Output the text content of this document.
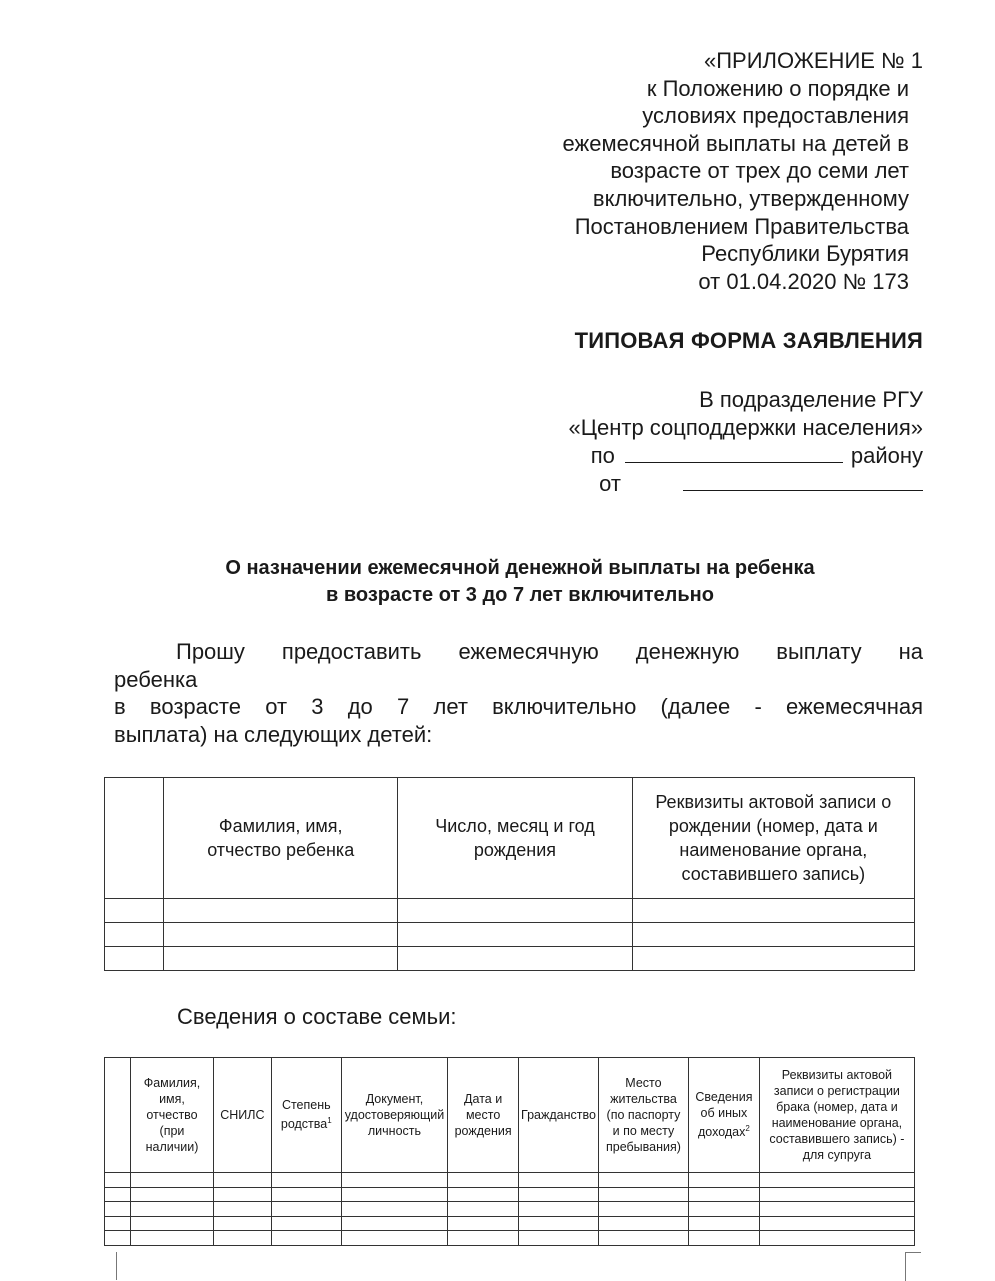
«ПРИЛОЖЕНИЕ № 1
к Положению о порядке и
условиях предоставления
ежемесячной выплаты на детей в
возрасте от трех до семи лет
включительно, утвержденному
Постановлением Правительства
Республики Бурятия
от 01.04.2020 № 173
ТИПОВАЯ ФОРМА ЗАЯВЛЕНИЯ
В подразделение РГУ
«Центр соцподдержки населения»
по	району
от
О назначении ежемесячной денежной выплаты на ребенка
в возрасте от 3 до 7 лет включительно
Прошу предоставить ежемесячную денежную выплату на
ребенка
в возрасте от 3 до 7 лет включительно (далее - ежемесячная
выплата) на следующих детей:

	Фамилия, имя, отчество ребенка	Число, месяц и год рождения	Реквизиты актовой записи о рождении (номер, дата и наименование органа, составившего запись)

Сведения о составе семьи:

	Фамилия, имя, отчество (при наличии)	СНИЛС	Степень родства$^1$	Документ, удостоверяющий личность	Дата и место рождения	Гражданство	Место жительства (по паспорту и по месту пребывания)	Сведения об иных доходах$^2$	Реквизиты актовой записи о регистрации брака (номер, дата и наименование органа, составившего запись) - для супруга
